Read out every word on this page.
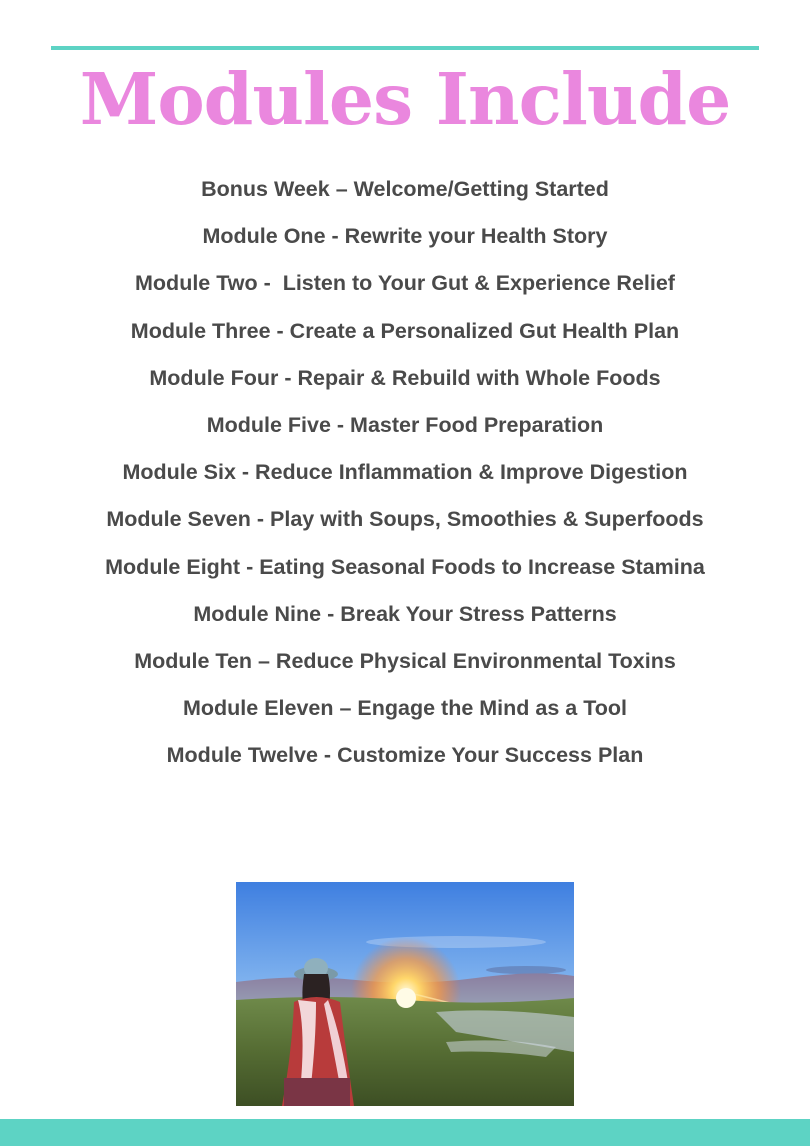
Modules Include
Bonus Week – Welcome/Getting Started
Module One - Rewrite your Health Story
Module Two -  Listen to Your Gut & Experience Relief
Module Three - Create a Personalized Gut Health Plan
Module Four - Repair & Rebuild with Whole Foods
Module Five - Master Food Preparation
Module Six - Reduce Inflammation & Improve Digestion
Module Seven - Play with Soups, Smoothies & Superfoods
Module Eight - Eating Seasonal Foods to Increase Stamina
Module Nine - Break Your Stress Patterns
Module Ten – Reduce Physical Environmental Toxins
Module Eleven – Engage the Mind as a Tool
Module Twelve - Customize Your Success Plan
